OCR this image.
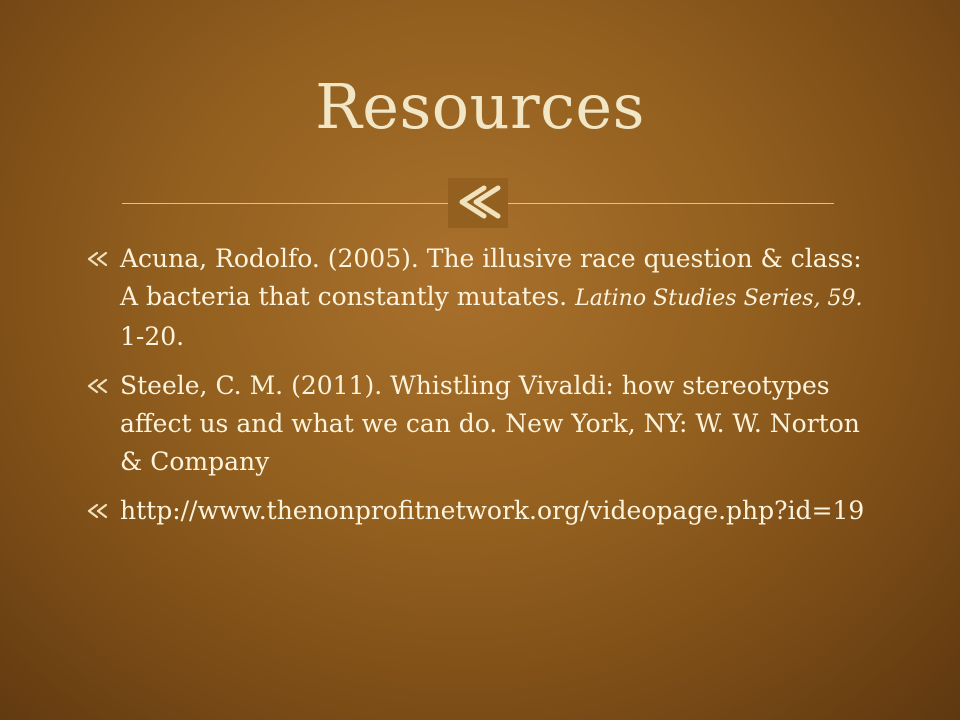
Resources
Acuna, Rodolfo. (2005). The illusive race question & class: A bacteria that constantly mutates. Latino Studies Series, 59. 1-20.
Steele, C. M. (2011). Whistling Vivaldi: how stereotypes affect us and what we can do. New York, NY: W. W. Norton & Company
http://www.thenonprofitnetwork.org/videopage.php?id=19
